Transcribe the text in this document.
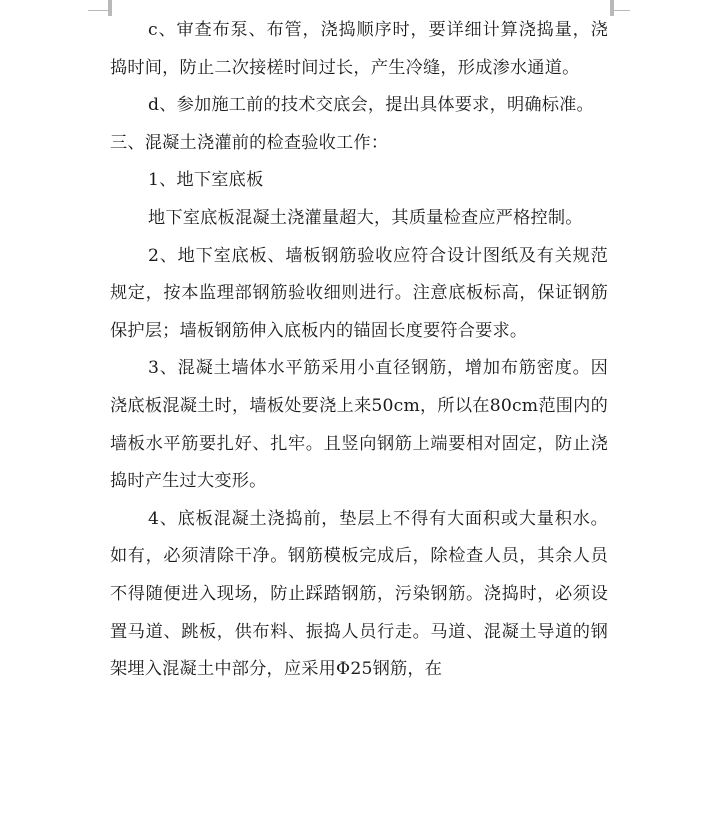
c、审查布泵、布管，浇捣顺序时，要详细计算浇捣量，浇捣时间，防止二次接槎时间过长，产生冷缝，形成渗水通道。

d、参加施工前的技术交底会，提出具体要求，明确标准。

三、混凝土浇灌前的检查验收工作：

1、地下室底板

地下室底板混凝土浇灌量超大，其质量检查应严格控制。

2、地下室底板、墙板钢筋验收应符合设计图纸及有关规范规定，按本监理部钢筋验收细则进行。注意底板标高，保证钢筋保护层；墙板钢筋伸入底板内的锚固长度要符合要求。

3、混凝土墙体水平筋采用小直径钢筋，增加布筋密度。因浇底板混凝土时，墙板处要浇上来50cm，所以在80cm范围内的墙板水平筋要扎好、扎牢。且竖向钢筋上端要相对固定，防止浇捣时产生过大变形。

4、底板混凝土浇捣前，垫层上不得有大面积或大量积水。如有，必须清除干净。钢筋模板完成后，除检查人员，其余人员不得随便进入现场，防止踩踏钢筋，污染钢筋。浇捣时，必须设置马道、跳板，供布料、振捣人员行走。马道、混凝土导道的钢架埋入混凝土中部分，应采用Φ25钢筋，在
